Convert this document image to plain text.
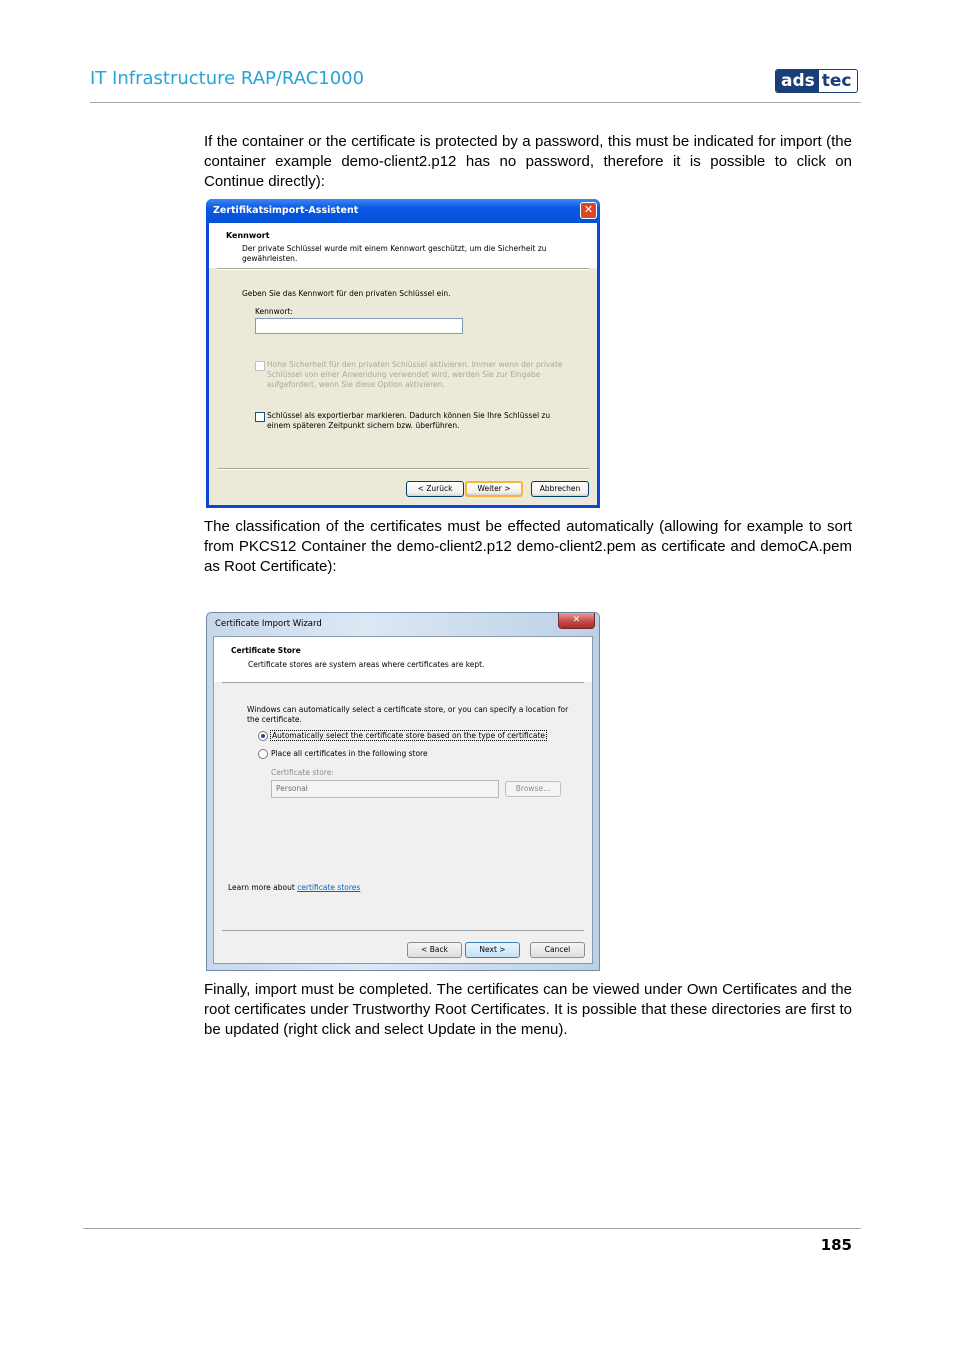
IT Infrastructure RAP/RAC1000	ads tec

If the container or the certificate is protected by a password, this must be indicated for import (the container example demo-client2.p12 has no password, therefore it is possible to click on Continue directly):

Zertifikatsimport-Assistent	✕
Kennwort
Der private Schlüssel wurde mit einem Kennwort geschützt, um die Sicherheit zu gewährleisten.
Geben Sie das Kennwort für den privaten Schlüssel ein.
Kennwort:
Hohe Sicherheit für den privaten Schlüssel aktivieren. Immer wenn der private Schlüssel von einer Anwendung verwendet wird, werden Sie zur Eingabe aufgefordert, wenn Sie diese Option aktivieren.
Schlüssel als exportierbar markieren. Dadurch können Sie Ihre Schlüssel zu einem späteren Zeitpunkt sichern bzw. überführen.
< Zurück	Weiter >	Abbrechen

The classification of the certificates must be effected automatically (allowing for example to sort from PKCS12 Container the demo-client2.p12 demo-client2.pem as certificate and demoCA.pem as Root Certificate):

Certificate Import Wizard	✕
Certificate Store
Certificate stores are system areas where certificates are kept.
Windows can automatically select a certificate store, or you can specify a location for the certificate.
Automatically select the certificate store based on the type of certificate
Place all certificates in the following store
Certificate store:
Personal	Browse...
Learn more about certificate stores
< Back	Next >	Cancel

Finally, import must be completed. The certificates can be viewed under Own Certificates and the root certificates under Trustworthy Root Certificates. It is possible that these directories are first to be updated (right click and select Update in the menu).

185
